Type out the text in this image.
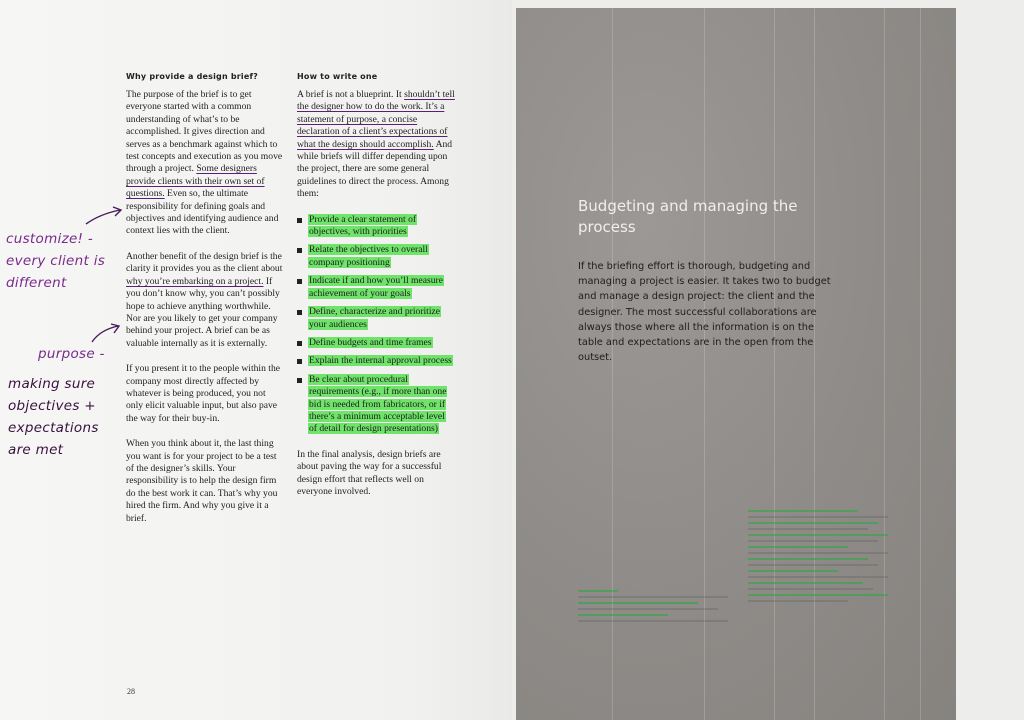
Why provide a design brief?

The purpose of the brief is to get everyone started with a common understanding of what’s to be accomplished. It gives direction and serves as a benchmark against which to test concepts and execution as you move through a project. Some designers provide clients with their own set of questions. Even so, the ultimate responsibility for defining goals and objectives and identifying audience and context lies with the client.

Another benefit of the design brief is the clarity it provides you as the client about why you’re embarking on a project. If you don’t know why, you can’t possibly hope to achieve anything worthwhile. Nor are you likely to get your company behind your project. A brief can be as valuable internally as it is externally.

If you present it to the people within the company most directly affected by whatever is being produced, you not only elicit valuable input, but also pave the way for their buy-in.

When you think about it, the last thing you want is for your project to be a test of the designer’s skills. Your responsibility is to help the design firm do the best work it can. That’s why you hired the firm. And why you give it a brief.

How to write one

A brief is not a blueprint. It shouldn’t tell the designer how to do the work. It’s a statement of purpose, a concise declaration of a client’s expectations of what the design should accomplish. And while briefs will differ depending upon the project, there are some general guidelines to direct the process. Among them:

Provide a clear statement of objectives, with priorities
Relate the objectives to overall company positioning
Indicate if and how you’ll measure achievement of your goals
Define, characterize and prioritize your audiences
Define budgets and time frames
Explain the internal approval process
Be clear about procedural requirements (e.g., if more than one bid is needed from fabricators, or if there’s a minimum acceptable level of detail for design presentations)

In the final analysis, design briefs are about paving the way for a successful design effort that reflects well on everyone involved.

28
customize! - every client is different
purpose -
making sure objectives + expectations are met
Budgeting and managing the process
If the briefing effort is thorough, budgeting and managing a project is easier. It takes two to budget and manage a design project: the client and the designer. The most successful collaborations are always those where all the information is on the table and expectations are in the open from the outset.
